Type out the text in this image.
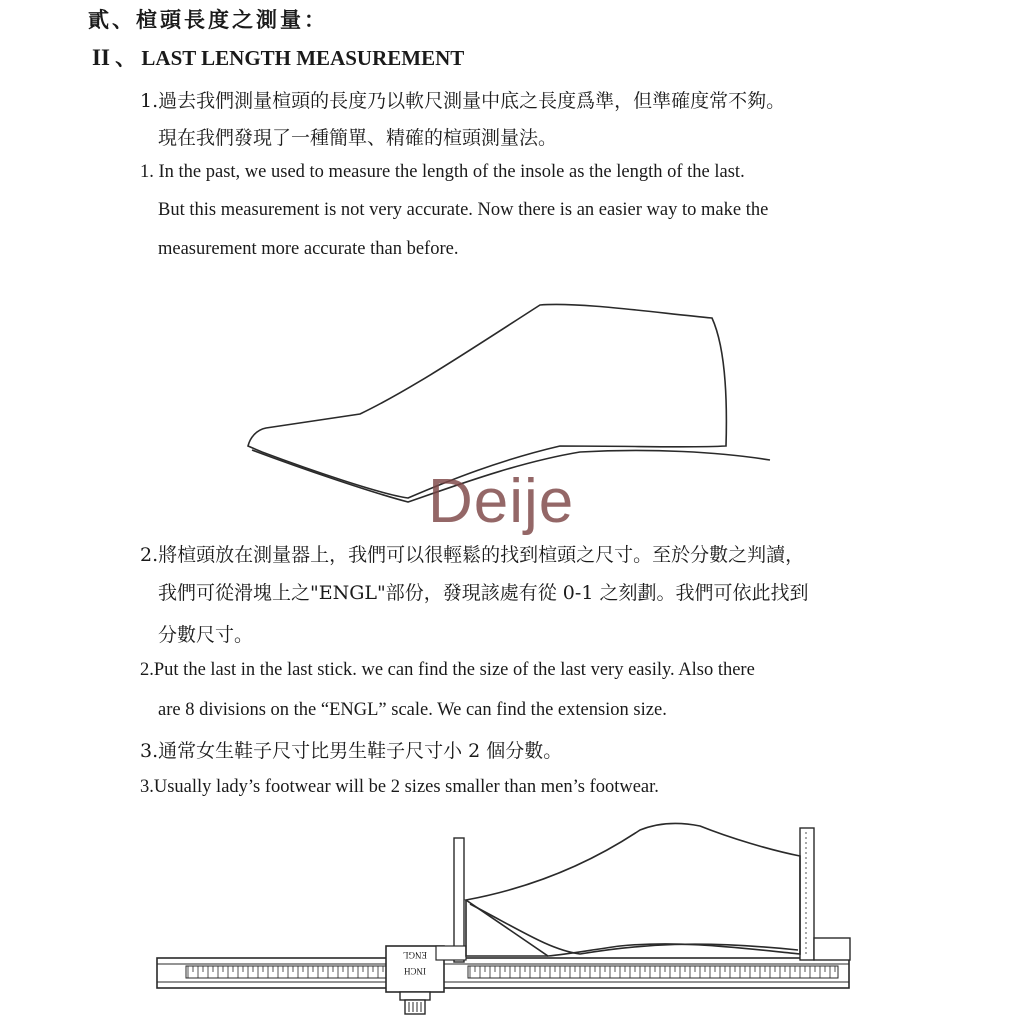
貳、楦頭長度之測量：

II 、 LAST LENGTH MEASUREMENT

1.過去我們測量楦頭的長度乃以軟尺測量中底之長度爲準，但準確度常不夠。

現在我們發現了一種簡單、精確的楦頭測量法。

1. In the past, we used to measure the length of the insole as the length of the last.

But this measurement is not very accurate. Now there is an easier way to make the

measurement more accurate than before.

ENGL
INCH

Deije

2.將楦頭放在測量器上，我們可以很輕鬆的找到楦頭之尺寸。至於分數之判讀，

我們可從滑塊上之"ENGL"部份，發現該處有從 0-1 之刻劃。我們可依此找到

分數尺寸。

2.Put the last in the last stick. we can find the size of the last very easily. Also there

are 8 divisions on the “ENGL” scale. We can find the extension size.

3.通常女生鞋子尺寸比男生鞋子尺寸小 2 個分數。

3.Usually lady’s footwear will be 2 sizes smaller than men’s footwear.
